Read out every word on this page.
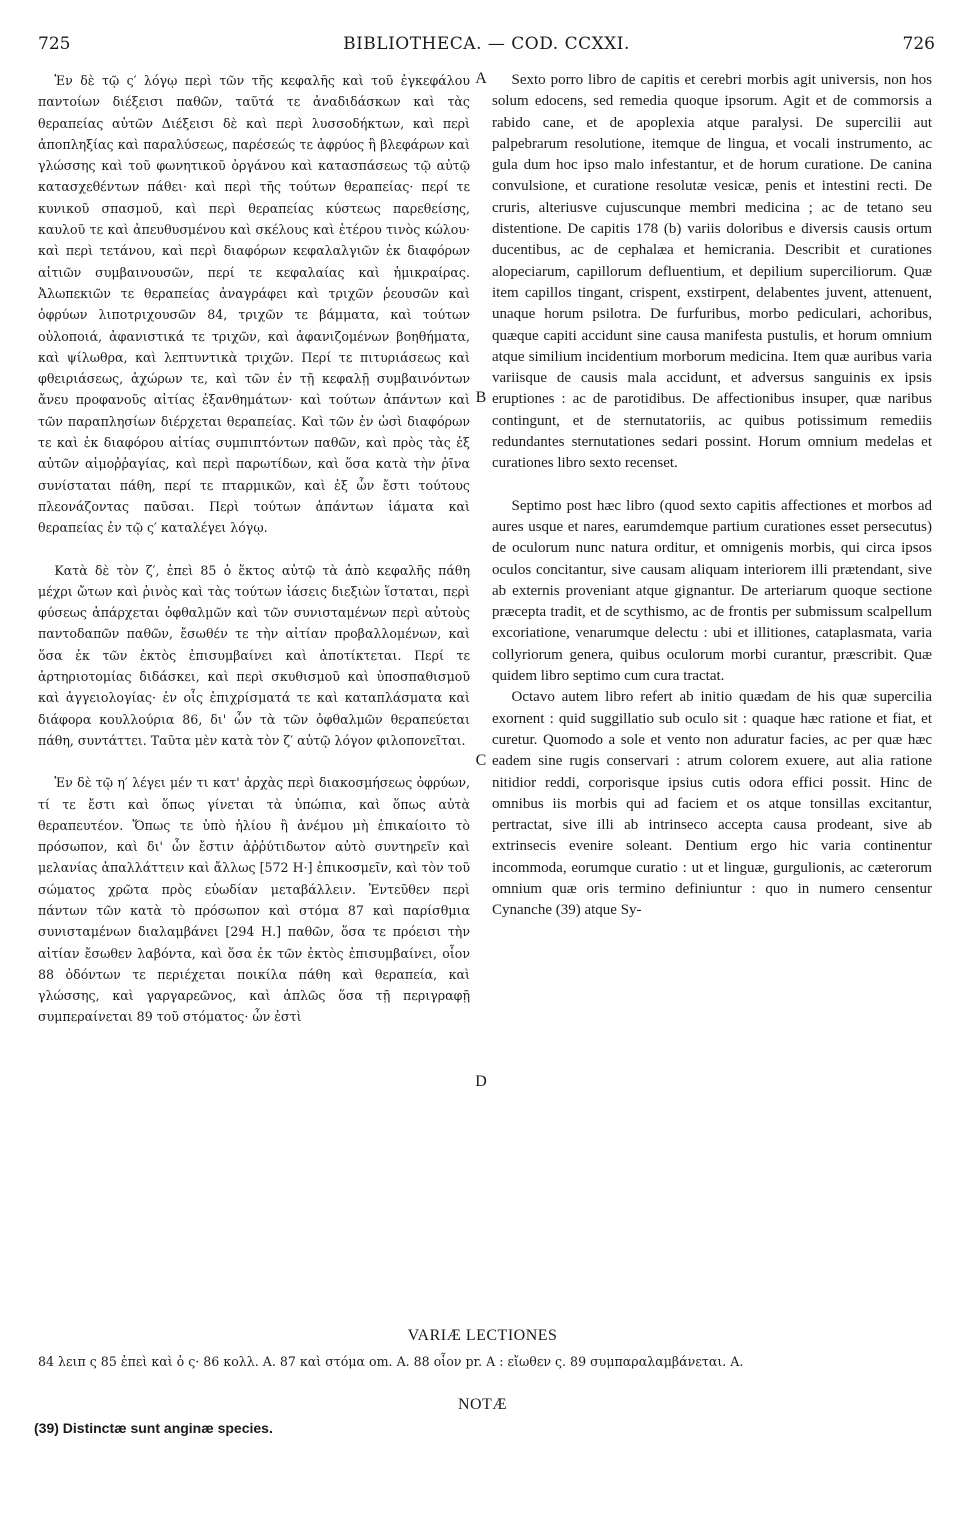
725	BIBLIOTHECA. — COD. CCXXI.	726

Ἐν δὲ τῷ ς′ λόγῳ περὶ τῶν τῆς κεφαλῆς καὶ τοῦ ἐγκεφάλου παντοίων διέξεισι παθῶν, ταῦτά τε ἀναδιδάσκων καὶ τὰς θεραπείας αὐτῶν Διέξεισι δὲ καὶ περὶ λυσσοδήκτων, καὶ περὶ ἀποπληξίας καὶ παραλύσεως, παρέσεώς τε ἀφρύος ἢ βλεφάρων καὶ γλώσσης καὶ τοῦ φωνητικοῦ ὀργάνου καὶ κατασπάσεως τῷ αὐτῷ κατασχεθέντων πάθει· καὶ περὶ τῆς τούτων θεραπείας· περί τε κυνικοῦ σπασμοῦ, καὶ περὶ θεραπείας κύστεως παρεθείσης, καυλοῦ τε καὶ ἀπευθυσμένου καὶ σκέλους καὶ ἑτέρου τινὸς κώλου· καὶ περὶ τετάνου, καὶ περὶ διαφόρων κεφαλαλγιῶν ἐκ διαφόρων αἰτιῶν συμβαινουσῶν, περί τε κεφαλαίας καὶ ἡμικραίρας. Ἀλωπεκιῶν τε θεραπείας ἀναγράφει καὶ τριχῶν ῥεουσῶν καὶ ὀφρύων λιποτριχουσῶν 84, τριχῶν τε βάμματα, καὶ τούτων οὐλοποιά, ἀφανιστικά τε τριχῶν, καὶ ἀφανιζομένων βοηθήματα, καὶ ψίλωθρα, καὶ λεπτυντικὰ τριχῶν. Περί τε πιτυριάσεως καὶ φθειριάσεως, ἀχώρων τε, καὶ τῶν ἐν τῇ κεφαλῇ συμβαινόντων ἄνευ προφανοῦς αἰτίας ἐξανθημάτων· καὶ τούτων ἁπάντων καὶ τῶν παραπλησίων διέρχεται θεραπείας. Καὶ τῶν ἐν ὠσὶ διαφόρων τε καὶ ἐκ διαφόρου αἰτίας συμπιπτόντων παθῶν, καὶ πρὸς τὰς ἐξ αὐτῶν αἱμοῤῥαγίας, καὶ περὶ παρωτίδων, καὶ ὅσα κατὰ τὴν ῥῖνα συνίσταται πάθη, περί τε πταρμικῶν, καὶ ἐξ ὧν ἔστι τούτους πλεονάζοντας παῦσαι. Περὶ τούτων ἁπάντων ἰάματα καὶ θεραπείας ἐν τῷ ς′ καταλέγει λόγῳ.

Κατὰ δὲ τὸν ζ′, ἐπεὶ 85 ὁ ἕκτος αὐτῷ τὰ ἀπὸ κεφαλῆς πάθη μέχρι ὤτων καὶ ῥινὸς καὶ τὰς τούτων ἰάσεις διεξιὼν ἵσταται, περὶ φύσεως ἀπάρχεται ὀφθαλμῶν καὶ τῶν συνισταμένων περὶ αὐτοὺς παντοδαπῶν παθῶν, ἔσωθέν τε τὴν αἰτίαν προβαλλομένων, καὶ ὅσα ἐκ τῶν ἐκτὸς ἐπισυμβαίνει καὶ ἀποτίκτεται. Περί τε ἀρτηριοτομίας διδάσκει, καὶ περὶ σκυθισμοῦ καὶ ὑποσπαθισμοῦ καὶ ἀγγειολογίας· ἐν οἷς ἐπιχρίσματά τε καὶ καταπλάσματα καὶ διάφορα κουλλούρια 86, δι' ὧν τὰ τῶν ὀφθαλμῶν θεραπεύεται πάθη, συντάττει. Ταῦτα μὲν κατὰ τὸν ζ′ αὐτῷ λόγον φιλοπονεῖται.

Ἐν δὲ τῷ η′ λέγει μέν τι κατ' ἀρχὰς περὶ διακοσμήσεως ὀφρύων, τί τε ἔστι καὶ ὅπως γίνεται τὰ ὑπώπια, καὶ ὅπως αὐτὰ θεραπευτέον. Ὅπως τε ὑπὸ ἡλίου ἢ ἀνέμου μὴ ἐπικαίοιτο τὸ πρόσωπον, καὶ δι' ὧν ἔστιν ἀῤῥύτιδωτον αὐτὸ συντηρεῖν καὶ μελανίας ἀπαλλάττειν καὶ ἄλλως [572 Η·] ἐπικοσμεῖν, καὶ τὸν τοῦ σώματος χρῶτα πρὸς εὐωδίαν μεταβάλλειν. Ἐντεῦθεν περὶ πάντων τῶν κατὰ τὸ πρόσωπον καὶ στόμα 87 καὶ παρίσθμια συνισταμένων διαλαμβάνει [294 Η.] παθῶν, ὅσα τε πρόεισι τὴν αἰτίαν ἔσωθεν λαβόντα, καὶ ὅσα ἐκ τῶν ἐκτὸς ἐπισυμβαίνει, οἷον 88 ὀδόντων τε περιέχεται ποικίλα πάθη καὶ θεραπεία, καὶ γλώσσης, καὶ γαργαρεῶνος, καὶ ἁπλῶς ὅσα τῇ περιγραφῇ συμπεραίνεται 89 τοῦ στόματος· ὧν ἐστὶ

A
B
C
D

Sexto porro libro de capitis et cerebri morbis agit universis, non hos solum edocens, sed remedia quoque ipsorum. Agit et de commorsis a rabido cane, et de apoplexia atque paralysi. De supercilii aut palpebrarum resolutione, itemque de lingua, et vocali instrumento, ac gula dum hoc ipso malo infestantur, et de horum curatione. De canina convulsione, et curatione resolutæ vesicæ, penis et intestini recti. De cruris, alteriusve cujuscunque membri medicina ; ac de tetano seu distentione. De capitis 178 (b) variis doloribus e diversis causis ortum ducentibus, ac de cephalæa et hemicrania. Describit et curationes alopeciarum, capillorum defluentium, et depilium superciliorum. Quæ item capillos tingant, crispent, exstirpent, delabentes juvent, attenuent, unaque horum psilotra. De furfuribus, morbo pediculari, achoribus, quæque capiti accidunt sine causa manifesta pustulis, et horum omnium atque similium incidentium morborum medicina. Item quæ auribus varia variisque de causis mala accidunt, et adversus sanguinis ex ipsis eruptiones : ac de parotidibus. De affectionibus insuper, quæ naribus contingunt, et de sternutatoriis, ac quibus potissimum remediis redundantes sternutationes sedari possint. Horum omnium medelas et curationes libro sexto recenset.

Septimo post hæc libro (quod sexto capitis affectiones et morbos ad aures usque et nares, earumdemque partium curationes esset persecutus) de oculorum nunc natura orditur, et omnigenis morbis, qui circa ipsos oculos concitantur, sive causam aliquam interiorem illi prætendant, sive ab externis proveniant atque gignantur. De arteriarum quoque sectione præcepta tradit, et de scythismo, ac de frontis per submissum scalpellum excoriatione, venarumque delectu : ubi et illitiones, cataplasmata, varia collyriorum genera, quibus oculorum morbi curantur, præscribit. Quæ quidem libro septimo cum cura tractat.

Octavo autem libro refert ab initio quædam de his quæ supercilia exornent : quid suggillatio sub oculo sit : quaque hæc ratione et fiat, et curetur. Quomodo a sole et vento non aduratur facies, ac per quæ hæc eadem sine rugis conservari : atrum colorem exuere, aut alia ratione nitidior reddi, corporisque ipsius cutis odora effici possit. Hinc de omnibus iis morbis qui ad faciem et os atque tonsillas excitantur, pertractat, sive illi ab intrinseco accepta causa prodeant, sive ab extrinsecis evenire soleant. Dentium ergo hic varia continentur incommoda, eorumque curatio : ut et linguæ, gurgulionis, ac cæterorum omnium quæ oris termino definiuntur : quo in numero censentur Cynanche (39) atque Sy-

VARIÆ LECTIONES
84 λειπ ς 85 ἐπεὶ καὶ ὁ ς· 86 κολλ. A. 87 καὶ στόμα om. A. 88 οἷον pr. A : εἴωθεν ς. 89 συμπαραλαμβάνεται. A.
NOTÆ
(39) Distinctæ sunt anginæ species.
